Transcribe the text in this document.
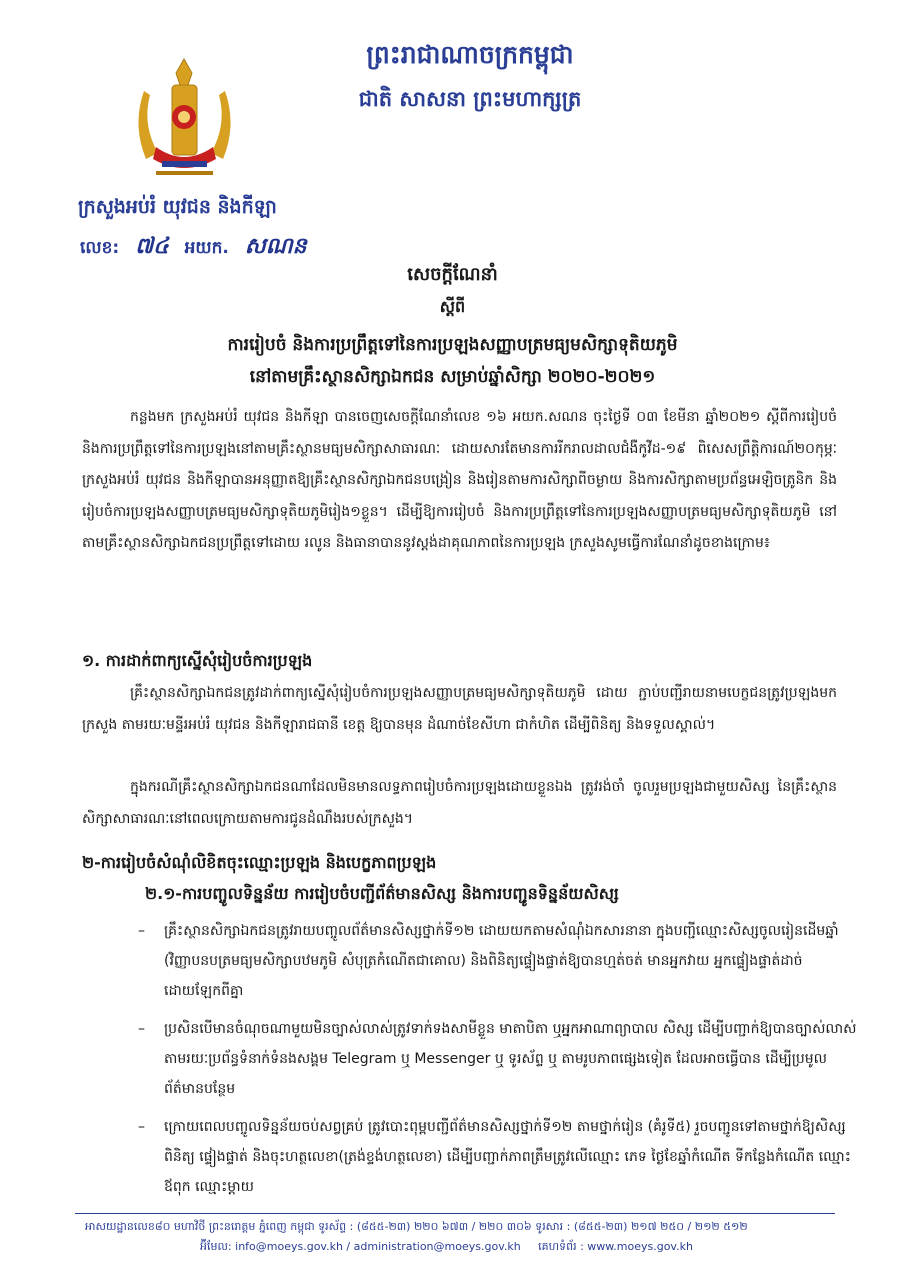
ព្រះរាជាណាចក្រកម្ពុជា
ជាតិ សាសនា ព្រះមហាក្សត្រ
ក្រសួងអប់រំ យុវជន និងកីឡា
លេខ: ៧៤ អយក. សណន
សេចក្តីណែនាំ
ស្តីពី
ការរៀបចំ និងការប្រព្រឹត្តទៅនៃការប្រឡងសញ្ញាបត្រមធ្យមសិក្សាទុតិយភូមិ
នៅតាមគ្រឹះស្ថានសិក្សាឯកជន សម្រាប់ឆ្នាំសិក្សា ២០២០-២០២១
កន្លងមក ក្រសួងអប់រំ យុវជន និងកីឡា បានចេញសេចក្តីណែនាំលេខ ១៦ អយក.សណន ចុះថ្ងៃទី ០៣ ខែមីនា ឆ្នាំ២០២១ ស្តីពីការរៀបចំ និងការប្រព្រឹត្តទៅនៃការប្រឡងនៅតាមគ្រឹះស្ថានមធ្យមសិក្សាសាធារណៈ ដោយសារតែមានការរីករាលដាលជំងឺកូវីដ-១៩ ពិសេសព្រឹត្តិការណ៍២០កុម្ភៈ ក្រសួងអប់រំ យុវជន និងកីឡាបានអនុញ្ញាតឱ្យគ្រឹះស្ថានសិក្សាឯកជនបង្រៀន និងរៀនតាមការសិក្សាពីចម្ងាយ និងការសិក្សាតាមប្រព័ន្ធអេឡិចត្រូនិក និងរៀបចំការប្រឡងសញ្ញាបត្រមធ្យមសិក្សាទុតិយភូមិរៀង១ខ្លួន។ ដើម្បីឱ្យការរៀបចំ និងការប្រព្រឹត្តទៅនៃការប្រឡងសញ្ញាបត្រមធ្យមសិក្សាទុតិយភូមិ នៅតាមគ្រឹះស្ថានសិក្សាឯកជនប្រព្រឹត្តទៅដោយ រលូន និងធានាបាននូវស្តង់ដាគុណភាពនៃការប្រឡង ក្រសួងសូមធ្វើការណែនាំដូចខាងក្រោម៖
១. ការដាក់ពាក្យស្នើសុំរៀបចំការប្រឡង
គ្រឹះស្ថានសិក្សាឯកជនត្រូវដាក់ពាក្យស្នើសុំរៀបចំការប្រឡងសញ្ញាបត្រមធ្យមសិក្សាទុតិយភូមិ ដោយ ភ្ជាប់បញ្ជីរាយនាមបេក្ខជនត្រូវប្រឡងមកក្រសួង តាមរយៈមន្ទីរអប់រំ យុវជន និងកីឡារាជធានី ខេត្ត ឱ្យបានមុន ដំណាច់ខែសីហា ជាកំហិត ដើម្បីពិនិត្យ និងទទួលស្គាល់។
ក្នុងករណីគ្រឹះស្ថានសិក្សាឯកជនណាដែលមិនមានលទ្ធភាពរៀបចំការប្រឡងដោយខ្លួនឯង ត្រូវរង់ចាំ ចូលរួមប្រឡងជាមួយសិស្ស នៃគ្រឹះស្ថានសិក្សាសាធារណៈនៅពេលក្រោយតាមការជូនដំណឹងរបស់ក្រសួង។
២-ការរៀបចំសំណុំលិខិតចុះឈ្មោះប្រឡង និងបេក្ខភាពប្រឡង
២.១-ការបញ្ចូលទិន្នន័យ ការរៀបចំបញ្ជីព័ត៌មានសិស្ស និងការបញ្ជូនទិន្នន័យសិស្ស
– គ្រឹះស្ថានសិក្សាឯកជនត្រូវរាយបញ្ចូលព័ត៌មានសិស្សថ្នាក់ទី១២ ដោយយកតាមសំណុំឯកសារនានា ក្នុងបញ្ជីឈ្មោះសិស្សចូលរៀនដើមឆ្នាំ (វិញ្ញាបនបត្រមធ្យមសិក្សាបឋមភូមិ សំបុត្រកំណើតជាគោល) និងពិនិត្យផ្ទៀងផ្ទាត់ឱ្យបានហ្មត់ចត់ មានអ្នកវាយ អ្នកផ្ទៀងផ្ទាត់ដាច់ដោយឡែកពីគ្នា
– ប្រសិនបើមានចំណុចណាមួយមិនច្បាស់លាស់ត្រូវទាក់ទងសាមីខ្លួន មាតាបិតា ឬអ្នកអាណាព្យាបាល សិស្ស ដើម្បីបញ្ជាក់ឱ្យបានច្បាស់លាស់ តាមរយៈប្រព័ន្ធទំនាក់ទំនងសង្គម Telegram ឬ Messenger ឬ ទូរស័ព្ទ ឬ តាមរូបភាពផ្សេងទៀត ដែលអាចធ្វើបាន ដើម្បីប្រមូលព័ត៌មានបន្ថែម
– ក្រោយពេលបញ្ចូលទិន្នន័យចប់សព្វគ្រប់ ត្រូវបោះពុម្ពបញ្ជីព័ត៌មានសិស្សថ្នាក់ទី១២ តាមថ្នាក់រៀន (គំរូទី៥) រួចបញ្ជូនទៅតាមថ្នាក់ឱ្យសិស្សពិនិត្យ ផ្ទៀងផ្ទាត់ និងចុះហត្ថលេខា(ត្រង់ខ្ទង់ហត្ថលេខា) ដើម្បីបញ្ជាក់ភាពត្រឹមត្រូវលើឈ្មោះ ភេទ ថ្ងៃខែឆ្នាំកំណើត ទីកន្លែងកំណើត ឈ្មោះឪពុក ឈ្មោះម្តាយ
អាសយដ្ឋានលេខ៨០ មហាវិថី ព្រះនរោត្តម ភ្នំពេញ កម្ពុជា ទូរស័ព្ទ : (៨៥៥-២៣) ២២០ ៦៧៣ / ២២០ ៣០៦ ទូរសារ : (៨៥៥-២៣) ២១៧ ២៥០ / ២១២ ៥១២
អ៊ីមែល: info@moeys.gov.kh / administration@moeys.gov.kh គេហទំព័រ : www.moeys.gov.kh
